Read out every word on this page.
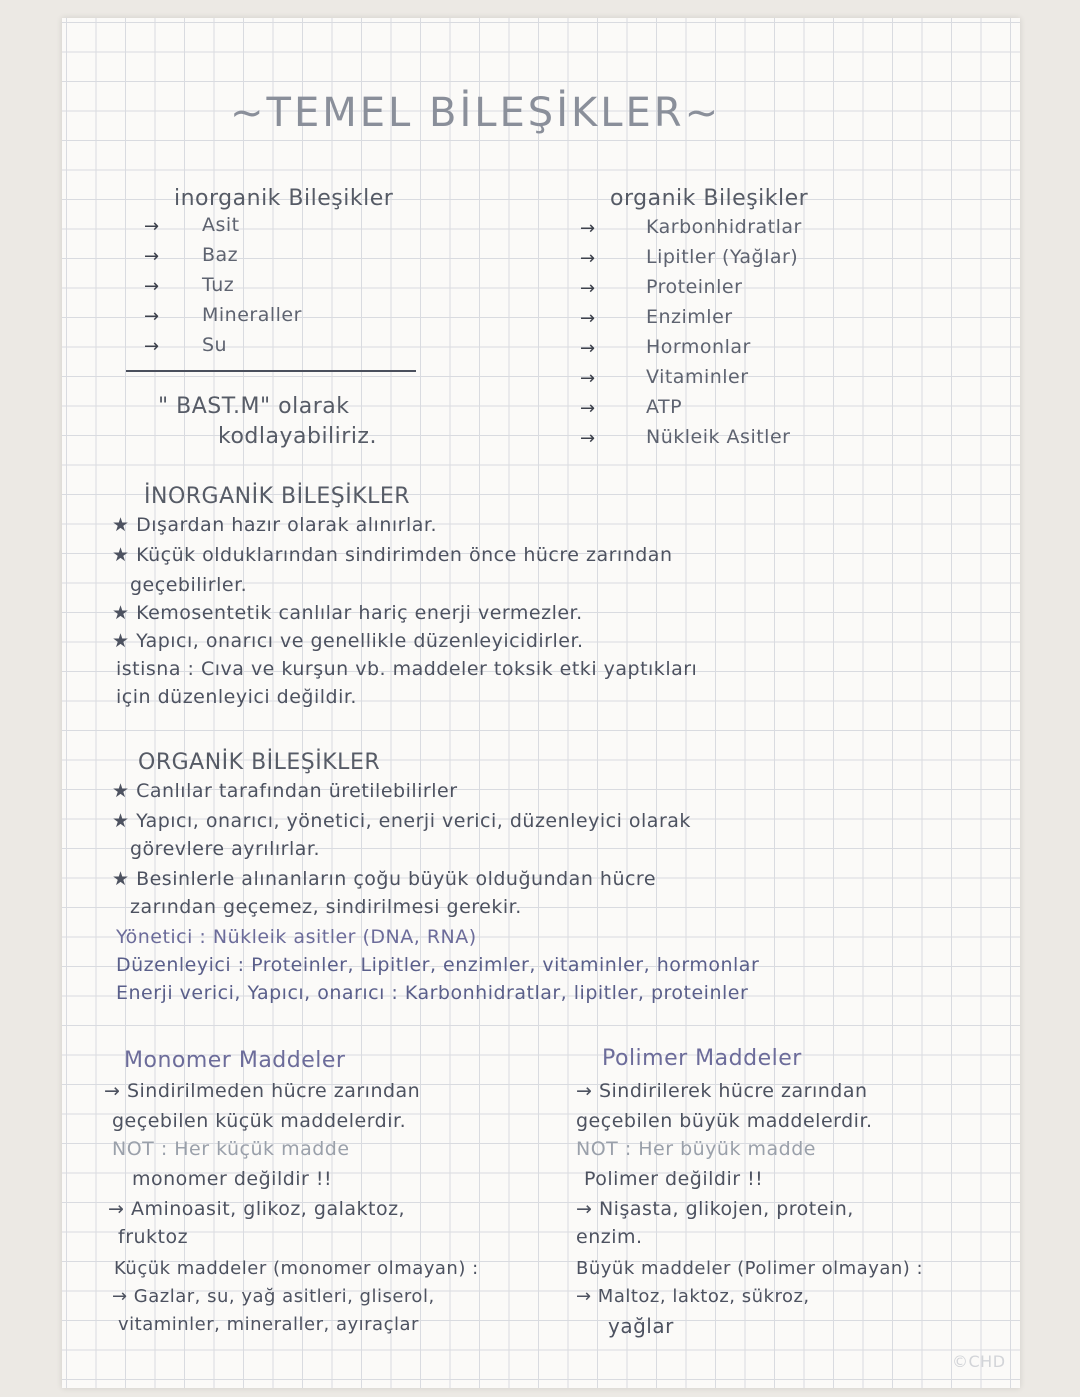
~TEMEL BİLEŞİKLER~
inorganik Bileşikler
→ Asit
→ Baz
→ Tuz
→ Mineraller
→ Su
" BAST.M" olarak
kodlayabiliriz.
organik Bileşikler
→	Karbonhidratlar
→	Lipitler (Yağlar)
→	Proteinler
→	Enzimler
→	Hormonlar
→	Vitaminler
→	ATP
→	Nükleik Asitler
İNORGANİK BİLEŞİKLER
★ Dışardan hazır olarak alınırlar.
★ Küçük olduklarından sindirimden önce hücre zarından
geçebilirler.
★ Kemosentetik canlılar hariç enerji vermezler.
★ Yapıcı, onarıcı ve genellikle düzenleyicidirler.
istisna : Cıva ve kurşun vb. maddeler toksik etki yaptıkları
için düzenleyici değildir.
ORGANİK BİLEŞİKLER
★ Canlılar tarafından üretilebilirler
★ Yapıcı, onarıcı, yönetici, enerji verici, düzenleyici olarak
görevlere ayrılırlar.
★ Besinlerle alınanların çoğu büyük olduğundan hücre
zarından geçemez, sindirilmesi gerekir.
Yönetici : Nükleik asitler (DNA, RNA)
Düzenleyici : Proteinler, Lipitler, enzimler, vitaminler, hormonlar
Enerji verici, Yapıcı, onarıcı : Karbonhidratlar, lipitler, proteinler
Monomer Maddeler
→ Sindirilmeden hücre zarından
geçebilen küçük maddelerdir.
NOT : Her küçük madde
monomer değildir !!
→ Aminoasit, glikoz, galaktoz,
fruktoz
Polimer Maddeler
→ Sindirilerek hücre zarından
geçebilen büyük maddelerdir.
NOT : Her büyük madde
Polimer değildir !!
→ Nişasta, glikojen, protein,
enzim.
Küçük maddeler (monomer olmayan) :
→ Gazlar, su, yağ asitleri, gliserol,
vitaminler, mineraller, ayıraçlar
Büyük maddeler (Polimer olmayan) :
→ Maltoz, laktoz, sükroz,
yağlar
©CHD
